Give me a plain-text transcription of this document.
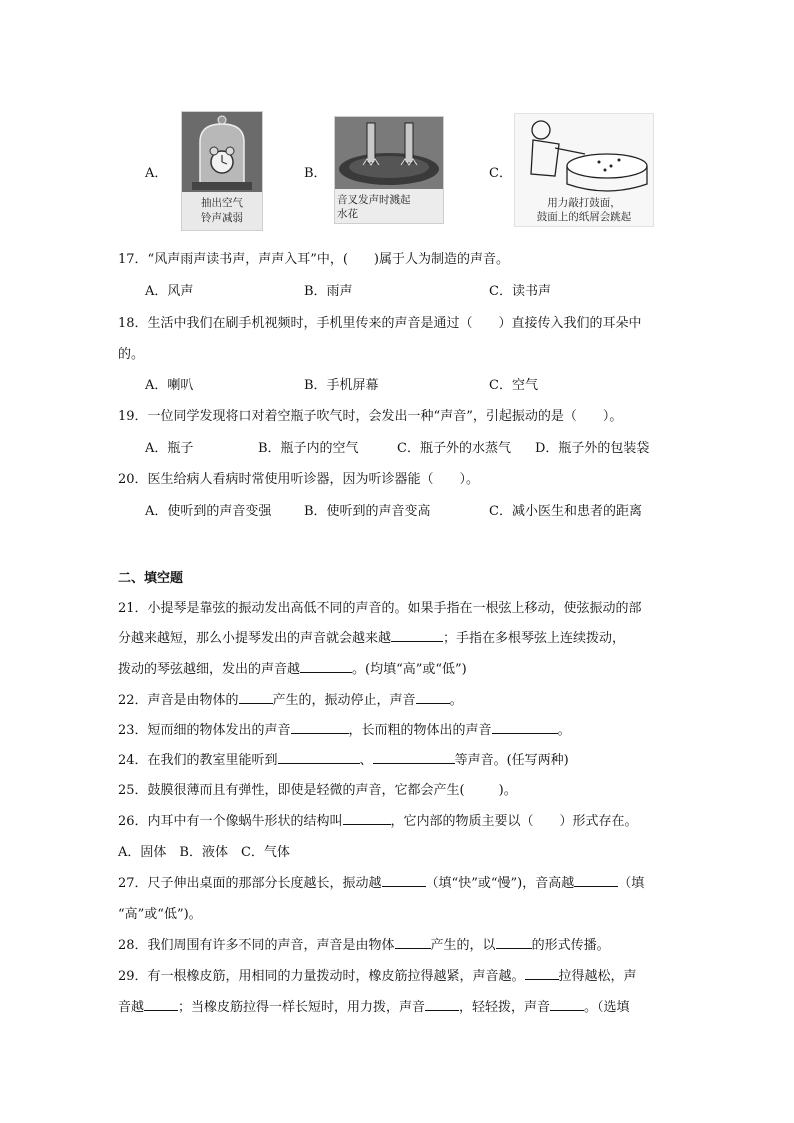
A．
抽出空气
铃声减弱
B．
音叉发声时溅起
水花
C．
用力敲打鼓面，
鼓面上的纸屑会跳起
17．“风声雨声读书声，声声入耳”中，(　　)属于人为制造的声音。
A．风声	B．雨声	C．读书声
18．生活中我们在刷手机视频时，手机里传来的声音是通过（　　）直接传入我们的耳朵中
的。
A．喇叭	B．手机屏幕	C．空气
19．一位同学发现将口对着空瓶子吹气时，会发出一种“声音”，引起振动的是（　　）。
A．瓶子	B．瓶子内的空气	C．瓶子外的水蒸气 D．瓶子外的包装袋
20．医生给病人看病时常使用听诊器，因为听诊器能（　　）。
A．使听到的声音变强	B．使听到的声音变高	C．减小医生和患者的距离
二、填空题
21．小提琴是靠弦的振动发出高低不同的声音的。如果手指在一根弦上移动，使弦振动的部
分越来越短，那么小提琴发出的声音就会越来越	；手指在多根琴弦上连续拨动，
拨动的琴弦越细，发出的声音越	。(均填“高”或“低”)
22．声音是由物体的	产生的，振动停止，声音	。
23．短而细的物体发出的声音	，长而粗的物体出的声音	。
24．在我们的教室里能听到	、	等声音。(任写两种)
25．鼓膜很薄而且有弹性，即使是轻微的声音，它都会产生(	)。
26．内耳中有一个像蜗牛形状的结构叫	，它内部的物质主要以（　　）形式存在。
A．固体　B．液体　C．气体
27．尺子伸出桌面的那部分长度越长，振动越	（填“快”或“慢”)，音高越	（填
“高”或“低”)。
28．我们周围有许多不同的声音，声音是由物体	产生的，以	的形式传播。
29．有一根橡皮筋，用相同的力量拨动时，橡皮筋拉得越紧，声音越。	拉得越松，声
音越	；当橡皮筋拉得一样长短时，用力拨，声音	，轻轻拨，声音	。（选填
